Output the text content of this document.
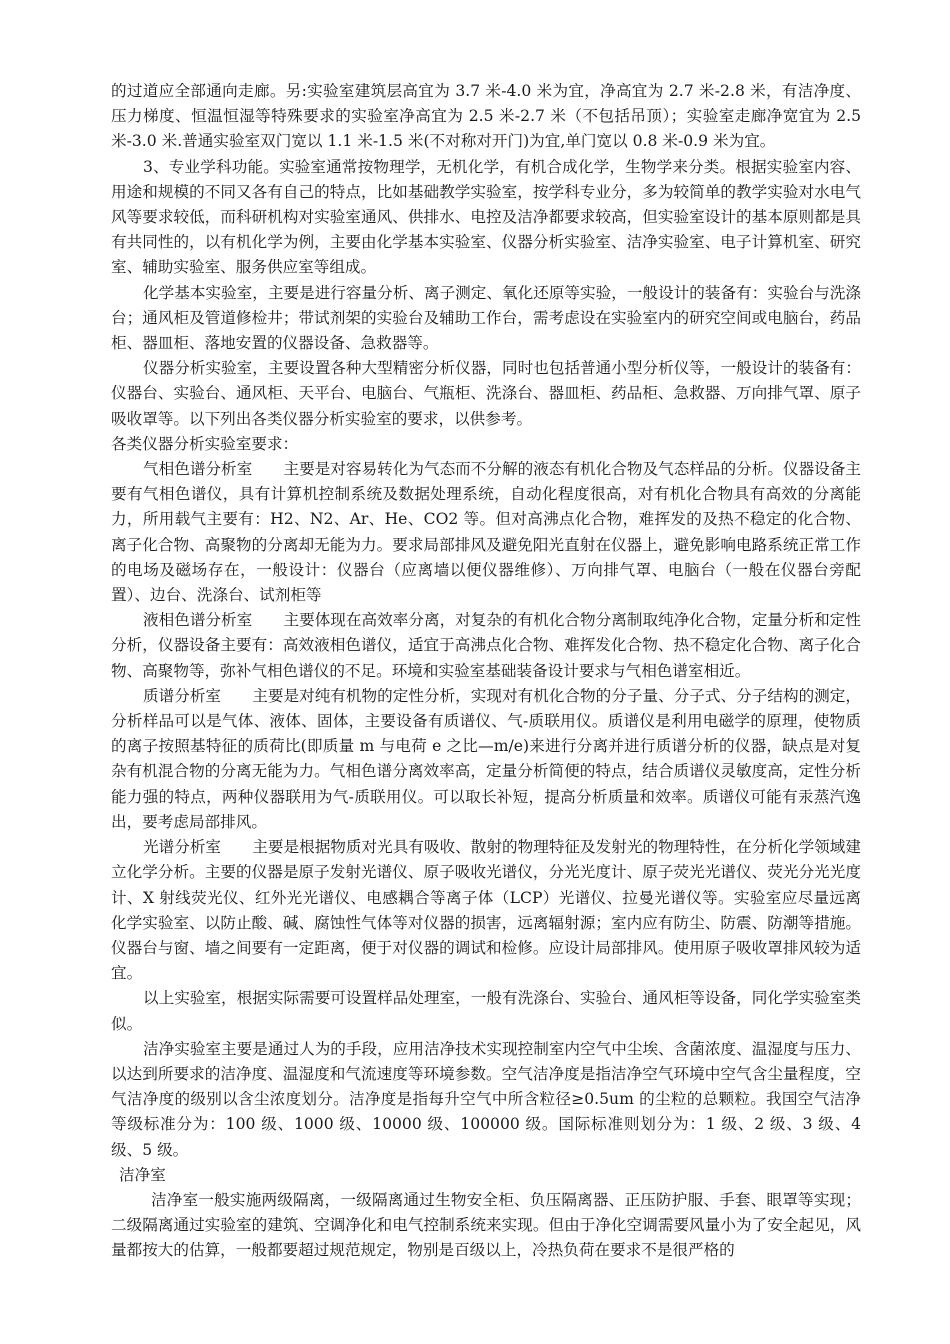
的过道应全部通向走廊。另:实验室建筑层高宜为 3.7 米-4.0 米为宜，净高宜为 2.7 米-2.8 米，有洁净度、压力梯度、恒温恒湿等特殊要求的实验室净高宜为 2.5 米-2.7 米（不包括吊顶）；实验室走廊净宽宜为 2.5 米-3.0 米.普通实验室双门宽以 1.1 米-1.5 米(不对称对开门)为宜,单门宽以 0.8 米-0.9 米为宜。

3、专业学科功能。实验室通常按物理学，无机化学，有机合成化学，生物学来分类。根据实验室内容、用途和规模的不同又各有自己的特点，比如基础教学实验室，按学科专业分，多为较简单的教学实验对水电气风等要求较低，而科研机构对实验室通风、供排水、电控及洁净都要求较高，但实验室设计的基本原则都是具有共同性的，以有机化学为例，主要由化学基本实验室、仪器分析实验室、洁净实验室、电子计算机室、研究室、辅助实验室、服务供应室等组成。

化学基本实验室，主要是进行容量分析、离子测定、氧化还原等实验，一般设计的装备有：实验台与洗涤台；通风柜及管道修检井；带试剂架的实验台及辅助工作台，需考虑设在实验室内的研究空间或电脑台，药品柜、器皿柜、落地安置的仪器设备、急救器等。

仪器分析实验室，主要设置各种大型精密分析仪器，同时也包括普通小型分析仪等，一般设计的装备有：仪器台、实验台、通风柜、天平台、电脑台、气瓶柜、洗涤台、器皿柜、药品柜、急救器、万向排气罩、原子吸收罩等。以下列出各类仪器分析实验室的要求，以供参考。

各类仪器分析实验室要求：

气相色谱分析室　　主要是对容易转化为气态而不分解的液态有机化合物及气态样品的分析。仪器设备主要有气相色谱仪，具有计算机控制系统及数据处理系统，自动化程度很高，对有机化合物具有高效的分离能力，所用载气主要有：H2、N2、Ar、He、CO2 等。但对高沸点化合物，难挥发的及热不稳定的化合物、离子化合物、高聚物的分离却无能为力。要求局部排风及避免阳光直射在仪器上，避免影响电路系统正常工作的电场及磁场存在，一般设计：仪器台（应离墙以便仪器维修）、万向排气罩、电脑台（一般在仪器台旁配置）、边台、洗涤台、试剂柜等

液相色谱分析室　　主要体现在高效率分离，对复杂的有机化合物分离制取纯净化合物，定量分析和定性分析，仪器设备主要有：高效液相色谱仪，适宜于高沸点化合物、难挥发化合物、热不稳定化合物、离子化合物、高聚物等，弥补气相色谱仪的不足。环境和实验室基础装备设计要求与气相色谱室相近。

质谱分析室　　主要是对纯有机物的定性分析，实现对有机化合物的分子量、分子式、分子结构的测定，分析样品可以是气体、液体、固体，主要设备有质谱仪、气-质联用仪。质谱仪是利用电磁学的原理，使物质的离子按照基特征的质荷比(即质量 m 与电荷 e 之比—m/e)来进行分离并进行质谱分析的仪器，缺点是对复杂有机混合物的分离无能为力。气相色谱分离效率高，定量分析简便的特点，结合质谱仪灵敏度高，定性分析能力强的特点，两种仪器联用为气-质联用仪。可以取长补短，提高分析质量和效率。质谱仪可能有汞蒸汽逸出，要考虑局部排风。

光谱分析室　　主要是根据物质对光具有吸收、散射的物理特征及发射光的物理特性，在分析化学领域建立化学分析。主要的仪器是原子发射光谱仪、原子吸收光谱仪，分光光度计、原子荧光光谱仪、荧光分光光度计、X 射线荧光仪、红外光光谱仪、电感耦合等离子体（LCP）光谱仪、拉曼光谱仪等。实验室应尽量远离化学实验室、以防止酸、碱、腐蚀性气体等对仪器的损害，远离辐射源；室内应有防尘、防震、防潮等措施。仪器台与窗、墙之间要有一定距离，便于对仪器的调试和检修。应设计局部排风。使用原子吸收罩排风较为适宜。

以上实验室，根据实际需要可设置样品处理室，一般有洗涤台、实验台、通风柜等设备，同化学实验室类似。

洁净实验室主要是通过人为的手段，应用洁净技术实现控制室内空气中尘埃、含菌浓度、温湿度与压力、以达到所要求的洁净度、温湿度和气流速度等环境参数。空气洁净度是指洁净空气环境中空气含尘量程度，空气洁净度的级别以含尘浓度划分。洁净度是指每升空气中所含粒径≥0.5um 的尘粒的总颗粒。我国空气洁净等级标准分为：100 级、1000 级、10000 级、100000 级。国际标准则划分为：1 级、2 级、3 级、4 级、5 级。

洁净室

洁净室一般实施两级隔离，一级隔离通过生物安全柜、负压隔离器、正压防护服、手套、眼罩等实现；二级隔离通过实验室的建筑、空调净化和电气控制系统来实现。但由于净化空调需要风量小为了安全起见，风量都按大的估算，一般都要超过规范规定，物别是百级以上，冷热负荷在要求不是很严格的
